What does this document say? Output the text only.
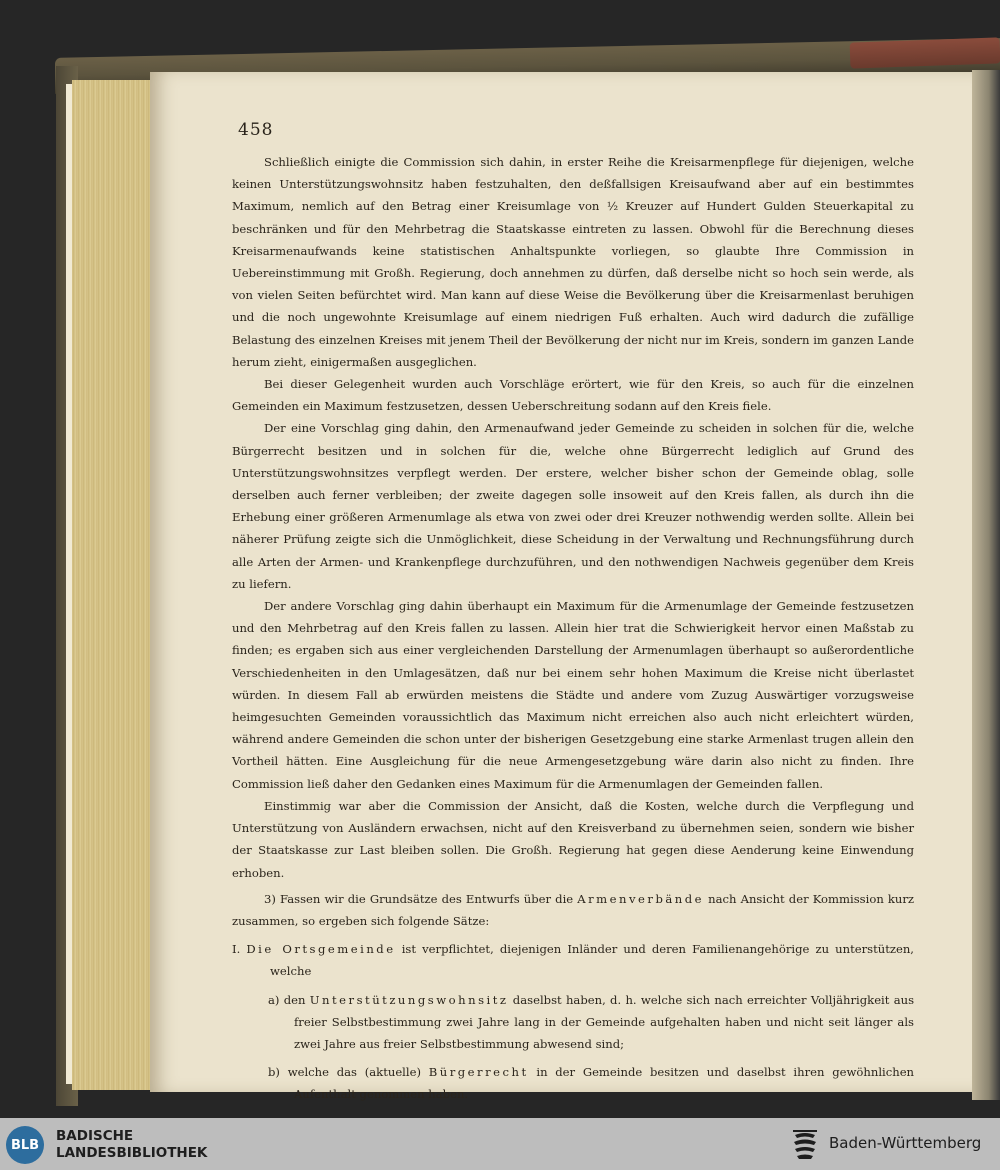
458

Schließlich einigte die Commission sich dahin, in erster Reihe die Kreisarmenpflege für diejenigen, welche keinen Unterstützungswohnsitz haben festzuhalten, den deßfallsigen Kreisaufwand aber auf ein bestimmtes Maximum, nemlich auf den Betrag einer Kreisumlage von ½ Kreuzer auf Hundert Gulden Steuerkapital zu beschränken und für den Mehrbetrag die Staatskasse eintreten zu lassen. Obwohl für die Berechnung dieses Kreisarmenaufwands keine statistischen Anhaltspunkte vorliegen, so glaubte Ihre Commission in Uebereinstimmung mit Großh. Regierung, doch annehmen zu dürfen, daß derselbe nicht so hoch sein werde, als von vielen Seiten befürchtet wird. Man kann auf diese Weise die Bevölkerung über die Kreisarmenlast beruhigen und die noch ungewohnte Kreisumlage auf einem niedrigen Fuß erhalten. Auch wird dadurch die zufällige Belastung des einzelnen Kreises mit jenem Theil der Bevölkerung der nicht nur im Kreis, sondern im ganzen Lande herum zieht, einigermaßen ausgeglichen.

Bei dieser Gelegenheit wurden auch Vorschläge erörtert, wie für den Kreis, so auch für die einzelnen Gemeinden ein Maximum festzusetzen, dessen Ueberschreitung sodann auf den Kreis fiele.

Der eine Vorschlag ging dahin, den Armenaufwand jeder Gemeinde zu scheiden in solchen für die, welche Bürgerrecht besitzen und in solchen für die, welche ohne Bürgerrecht lediglich auf Grund des Unterstützungswohnsitzes verpflegt werden. Der erstere, welcher bisher schon der Gemeinde oblag, solle derselben auch ferner verbleiben; der zweite dagegen solle insoweit auf den Kreis fallen, als durch ihn die Erhebung einer größeren Armenumlage als etwa von zwei oder drei Kreuzer nothwendig werden sollte. Allein bei näherer Prüfung zeigte sich die Unmöglichkeit, diese Scheidung in der Verwaltung und Rechnungsführung durch alle Arten der Armen- und Krankenpflege durchzuführen, und den nothwendigen Nachweis gegenüber dem Kreis zu liefern.

Der andere Vorschlag ging dahin überhaupt ein Maximum für die Armenumlage der Gemeinde festzusetzen und den Mehrbetrag auf den Kreis fallen zu lassen. Allein hier trat die Schwierigkeit hervor einen Maßstab zu finden; es ergaben sich aus einer vergleichenden Darstellung der Armenumlagen überhaupt so außerordentliche Verschiedenheiten in den Umlagesätzen, daß nur bei einem sehr hohen Maximum die Kreise nicht überlastet würden. In diesem Fall ab erwürden meistens die Städte und andere vom Zuzug Auswärtiger vorzugsweise heimgesuchten Gemeinden voraussichtlich das Maximum nicht erreichen also auch nicht erleichtert würden, während andere Gemeinden die schon unter der bisherigen Gesetzgebung eine starke Armenlast trugen allein den Vortheil hätten. Eine Ausgleichung für die neue Armengesetzgebung wäre darin also nicht zu finden. Ihre Commission ließ daher den Gedanken eines Maximum für die Armenumlagen der Gemeinden fallen.

Einstimmig war aber die Commission der Ansicht, daß die Kosten, welche durch die Verpflegung und Unterstützung von Ausländern erwachsen, nicht auf den Kreisverband zu übernehmen seien, sondern wie bisher der Staatskasse zur Last bleiben sollen. Die Großh. Regierung hat gegen diese Aenderung keine Einwendung erhoben.

3) Fassen wir die Grundsätze des Entwurfs über die Armenverbände nach Ansicht der Kommission kurz zusammen, so ergeben sich folgende Sätze:

I. Die Ortsgemeinde ist verpflichtet, diejenigen Inländer und deren Familienangehörige zu unterstützen, welche

a) den Unterstützungswohnsitz daselbst haben, d. h. welche sich nach erreichter Volljährigkeit aus freier Selbstbestimmung zwei Jahre lang in der Gemeinde aufgehalten haben und nicht seit länger als zwei Jahre aus freier Selbstbestimmung abwesend sind;

b) welche das (aktuelle) Bürgerrecht in der Gemeinde besitzen und daselbst ihren gewöhnlichen Aufenthalt genommen haben.

BLB
BADISCHE
LANDESBIBLIOTHEK
Baden-Württemberg
